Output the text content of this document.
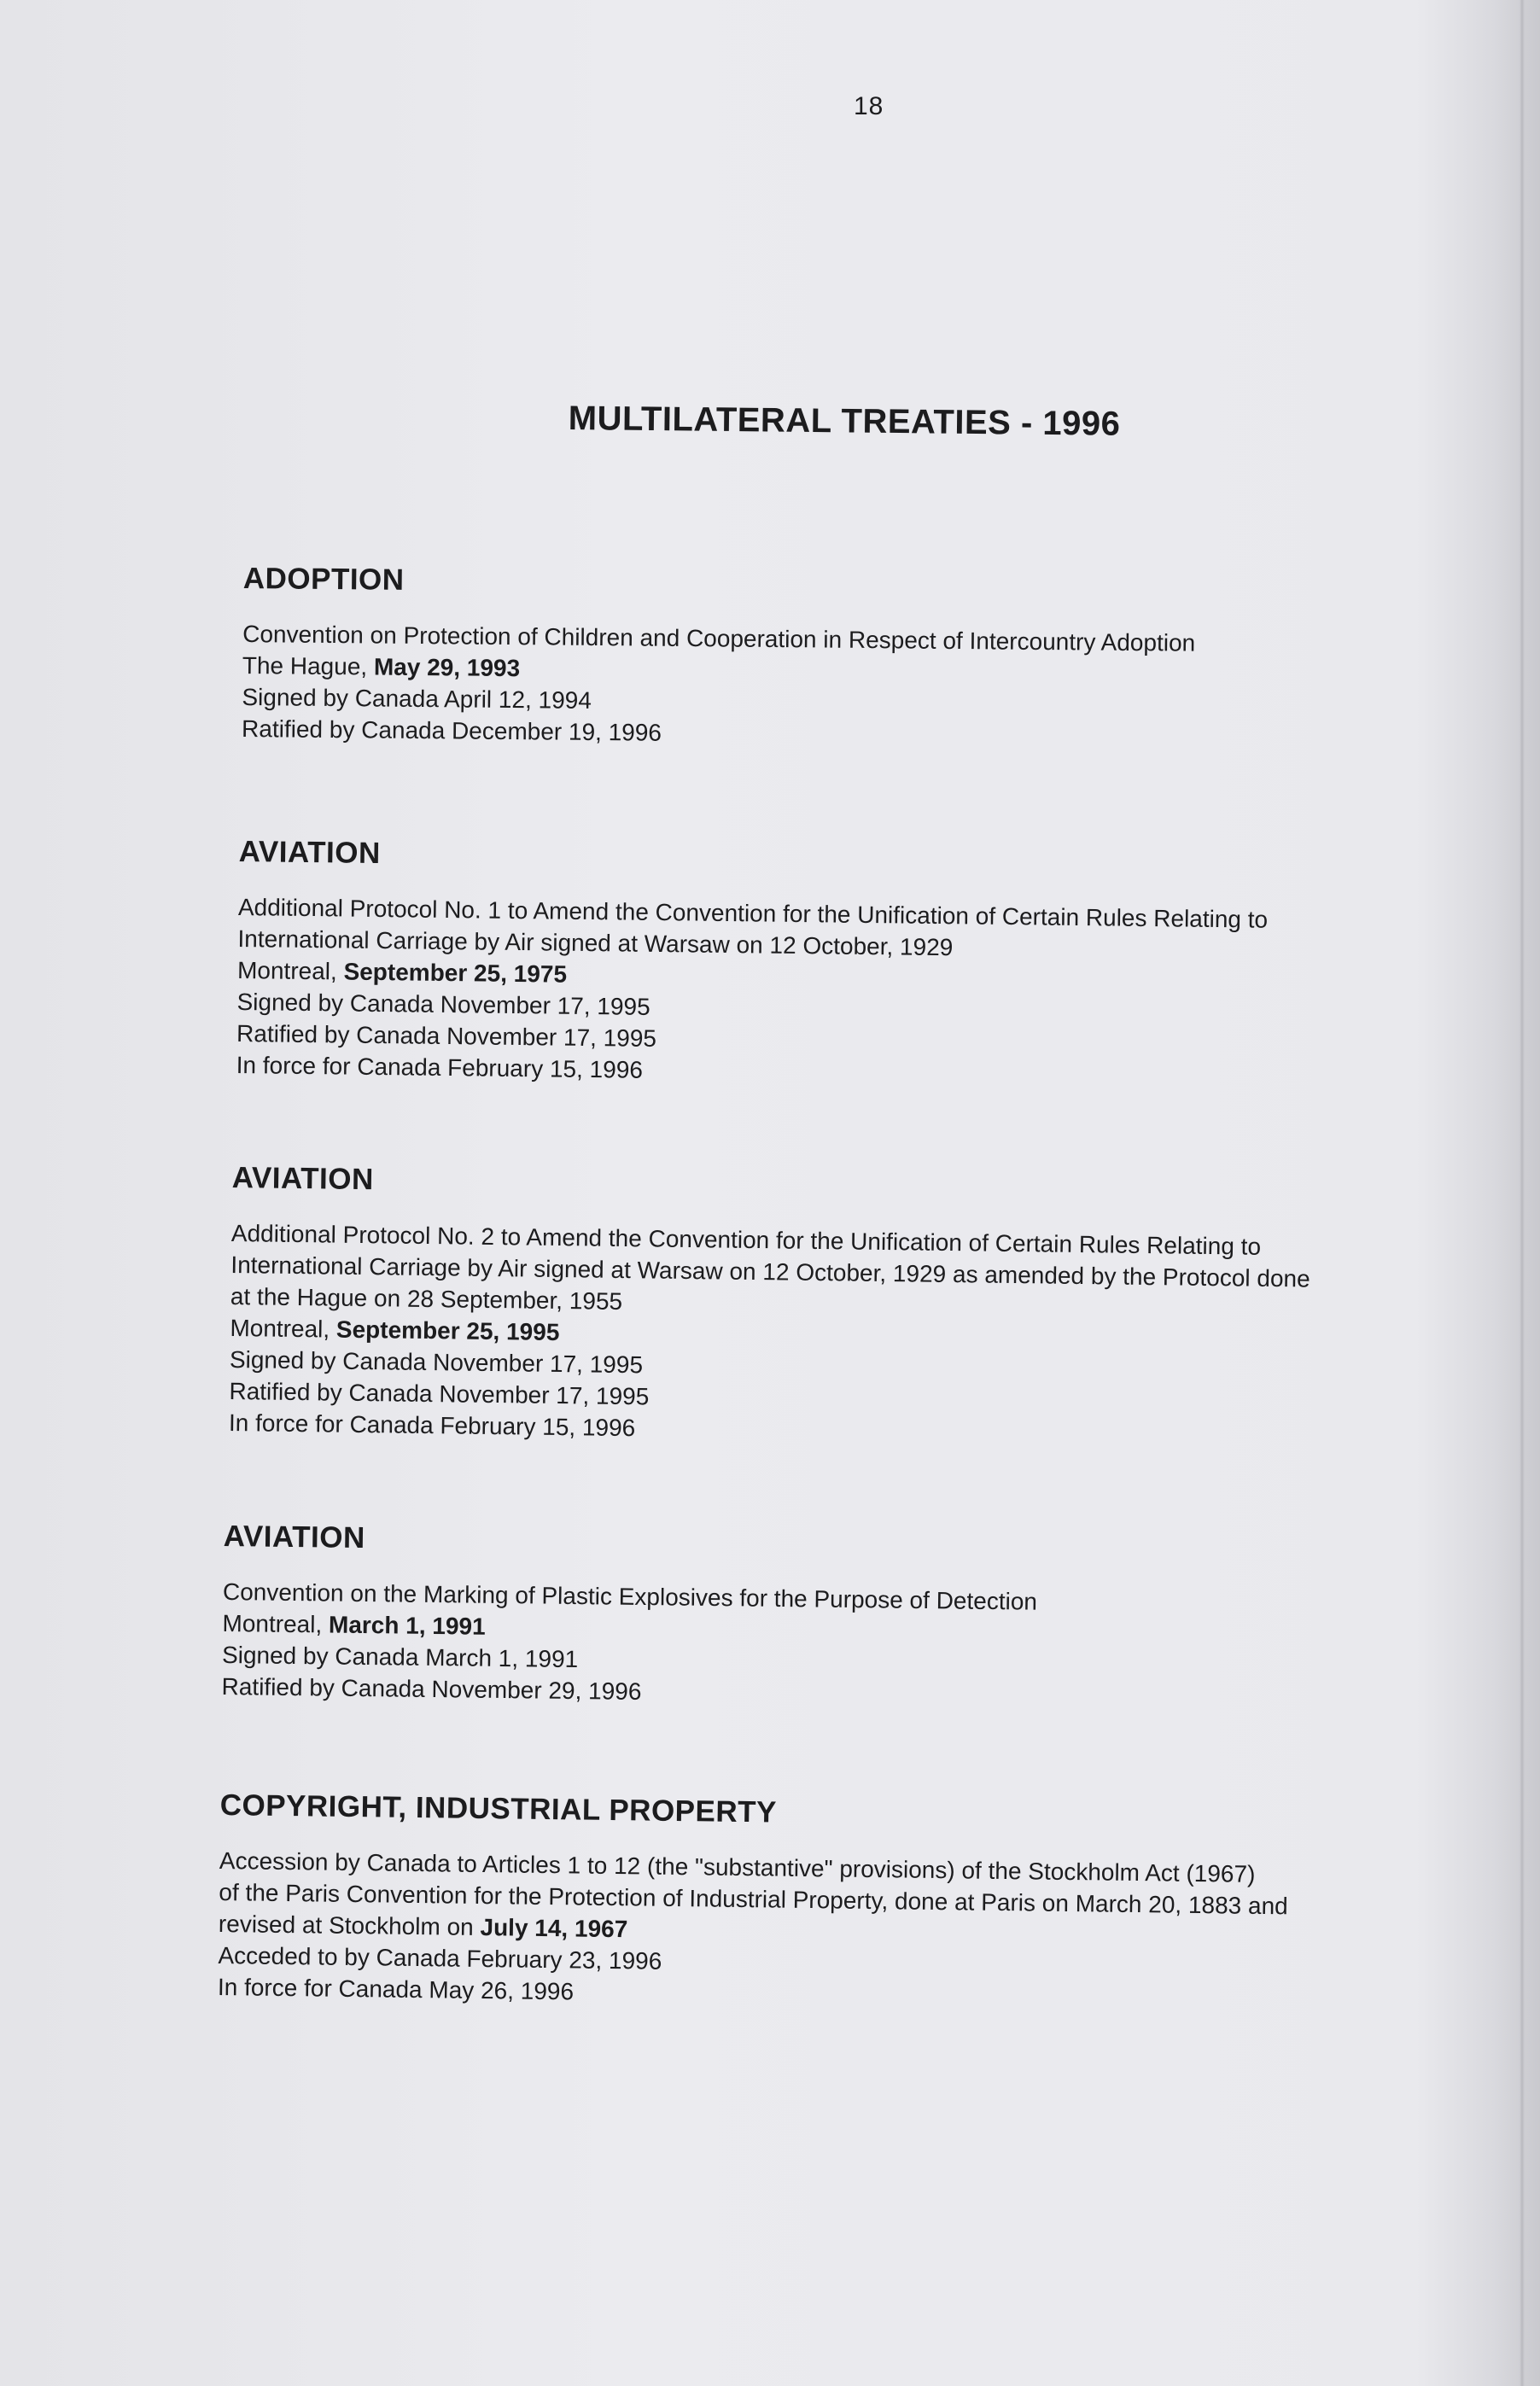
18
MULTILATERAL TREATIES - 1996
ADOPTION
Convention on Protection of Children and Cooperation in Respect of Intercountry Adoption
The Hague, May 29, 1993
Signed by Canada April 12, 1994
Ratified by Canada December 19, 1996
AVIATION
Additional Protocol No. 1 to Amend the Convention for the Unification of Certain Rules Relating to
International Carriage by Air signed at Warsaw on 12 October, 1929
Montreal, September 25, 1975
Signed by Canada November 17, 1995
Ratified by Canada November 17, 1995
In force for Canada February 15, 1996
AVIATION
Additional Protocol No. 2 to Amend the Convention for the Unification of Certain Rules Relating to
International Carriage by Air signed at Warsaw on 12 October, 1929 as amended by the Protocol done
at the Hague on 28 September, 1955
Montreal, September 25, 1995
Signed by Canada November 17, 1995
Ratified by Canada November 17, 1995
In force for Canada February 15, 1996
AVIATION
Convention on the Marking of Plastic Explosives for the Purpose of Detection
Montreal, March 1, 1991
Signed by Canada March 1, 1991
Ratified by Canada November 29, 1996
COPYRIGHT, INDUSTRIAL PROPERTY
Accession by Canada to Articles 1 to 12 (the "substantive" provisions) of the Stockholm Act (1967)
of the Paris Convention for the Protection of Industrial Property, done at Paris on March 20, 1883 and
revised at Stockholm on July 14, 1967
Acceded to by Canada February 23, 1996
In force for Canada May 26, 1996
